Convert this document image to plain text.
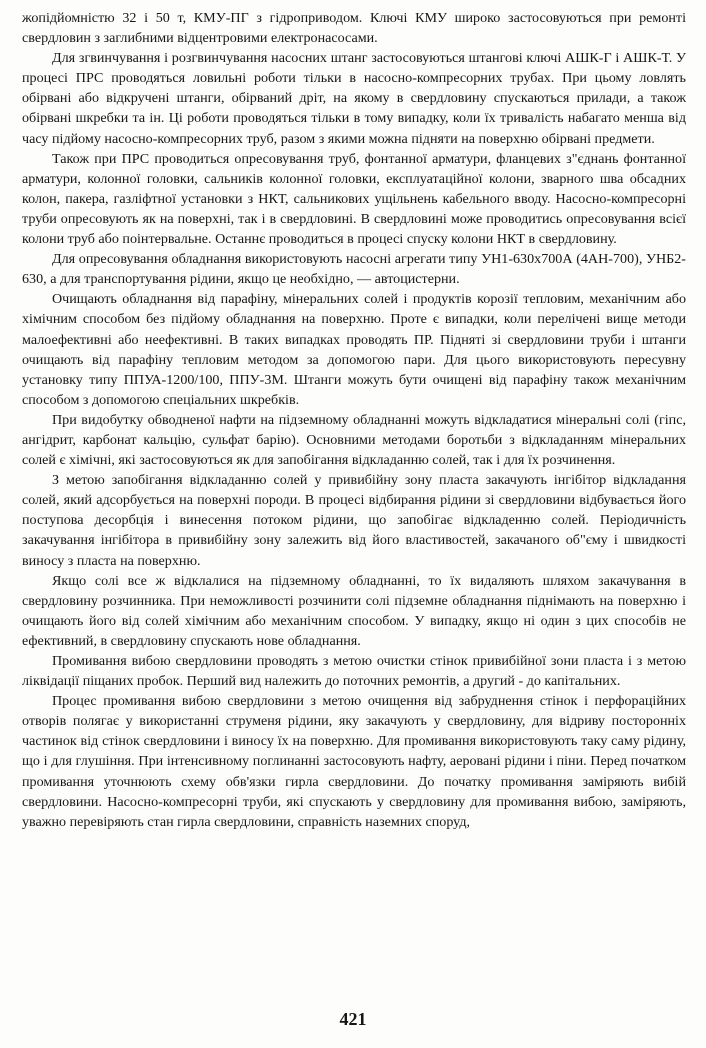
жопідйомністю 32 і 50 т, КМУ-ПГ з гідроприводом. Ключі КМУ широко застосовуються при ремонті свердловин з заглибними відцентровими електронасосами.

Для згвинчування і розгвинчування насосних штанг застосовуються штангові ключі АШК-Г і АШК-Т. У процесі ПРС проводяться ловильні роботи тільки в насосно-компресорних трубах. При цьому ловлять обірвані або відкручені штанги, обірваний дріт, на якому в свердловину спускаються прилади, а також обірвані шкребки та ін. Ці роботи проводяться тільки в тому випадку, коли їх тривалість набагато менша від часу підйому насосно-компресорних труб, разом з якими можна підняти на поверхню обірвані предмети.

Також при ПРС проводиться опресовування труб, фонтанної арматури, фланцевих з"єднань фонтанної арматури, колонної головки, сальників колонної головки, експлуатаційної колони, зварного шва обсадних колон, пакера, газліфтної установки з НКТ, сальникових ущільнень кабельного вводу. Насосно-компресорні труби опресовують як на поверхні, так і в свердловині. В свердловині може проводитись опресовування всієї колони труб або поінтервальне. Останнє проводиться в процесі спуску колони НКТ в свердловину.

Для опресовування обладнання використовують насосні агрегати типу УН1-630х700А (4АН-700), УНБ2-630, а для транспортування рідини, якщо це необхідно, — автоцистерни.

Очищають обладнання від парафіну, мінеральних солей і продуктів корозії тепловим, механічним або хімічним способом без підйому обладнання на поверхню. Проте є випадки, коли перелічені вище методи малоефективні або неефективні. В таких випадках проводять ПР. Підняті зі свердловини труби і штанги очищають від парафіну тепловим методом за допомогою пари. Для цього використовують пересувну установку типу ППУА-1200/100, ППУ-3М. Штанги можуть бути очищені від парафіну також механічним способом з допомогою спеціальних шкребків.

При видобутку обводненої нафти на підземному обладнанні можуть відкладатися мінеральні солі (гіпс, ангідрит, карбонат кальцію, сульфат барію). Основними методами боротьби з відкладанням мінеральних солей є хімічні, які застосовуються як для запобігання відкладанню солей, так і для їх розчинення.

З метою запобігання відкладанню солей у привибійну зону пласта закачують інгібітор відкладання солей, який адсорбується на поверхні породи. В процесі відбирання рідини зі свердловини відбувається його поступова десорбція і винесення потоком рідини, що запобігає відкладенню солей. Періодичність закачування інгібітора в привибійну зону залежить від його властивостей, закачаного об"єму і швидкості виносу з пласта на поверхню.

Якщо солі все ж відклалися на підземному обладнанні, то їх видаляють шляхом закачування в свердловину розчинника. При неможливості розчинити солі підземне обладнання піднімають на поверхню і очищають його від солей хімічним або механічним способом. У випадку, якщо ні один з цих способів не ефективний, в свердловину спускають нове обладнання.

Промивання вибою свердловини проводять з метою очистки стінок привибійної зони пласта і з метою ліквідації піщаних пробок. Перший вид належить до поточних ремонтів, а другий - до капітальних.

Процес промивання вибою свердловини з метою очищення від забруднення стінок і перфораційних отворів полягає у використанні струменя рідини, яку закачують у свердловину, для відриву посторонніх частинок від стінок свердловини і виносу їх на поверхню. Для промивання використовують таку саму рідину, що і для глушіння. При інтенсивному поглинанні застосовують нафту, аеровані рідини і піни. Перед початком промивання уточнюють схему обв'язки гирла свердловини. До початку промивання заміряють вибій свердловини. Насосно-компресорні труби, які спускають у свердловину для промивання вибою, заміряють, уважно перевіряють стан гирла свердловини, справність наземних споруд,

421
